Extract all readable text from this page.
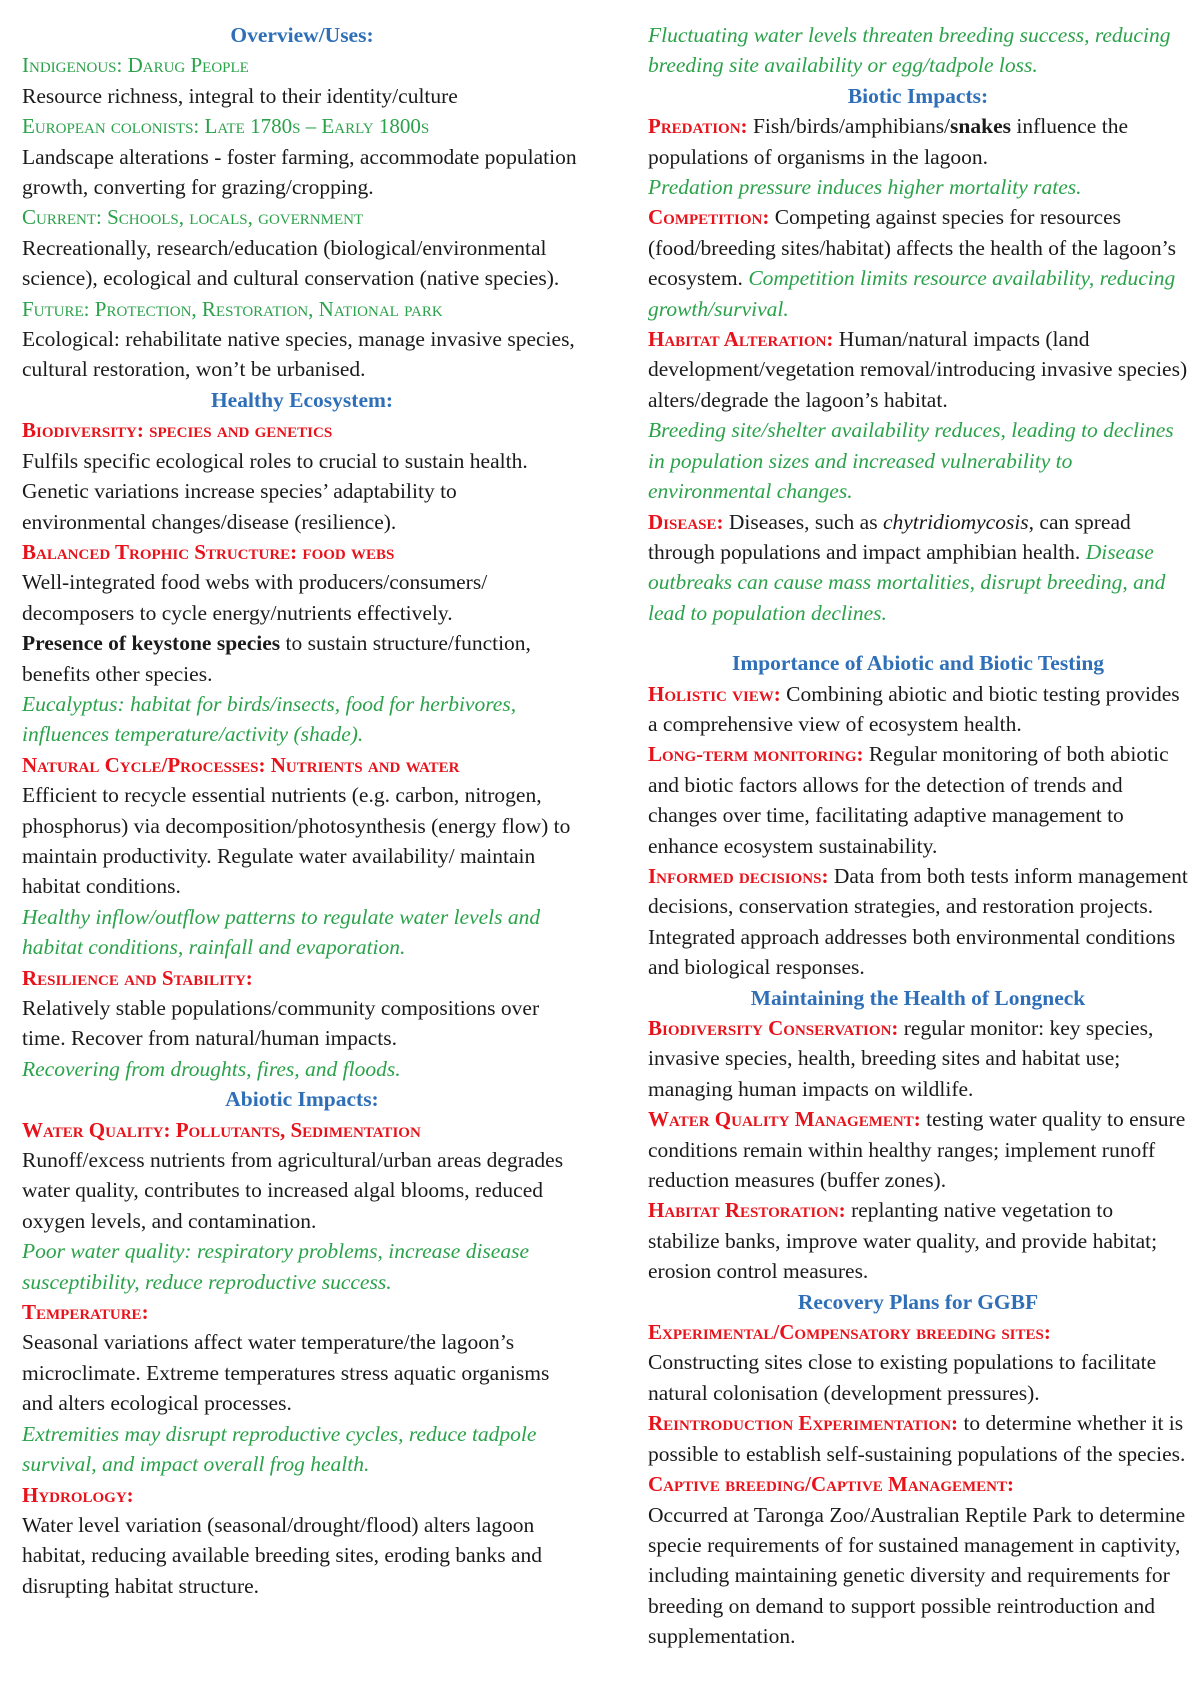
Overview/Uses:
Indigenous: Darug People

Resource richness, integral to their identity/culture

European colonists: Late 1780s – Early 1800s

Landscape alterations - foster farming, accommodate population growth, converting for grazing/cropping.

Current: Schools, locals, government

Recreationally, research/education (biological/environmental science), ecological and cultural conservation (native species).

Future: Protection, Restoration, National park

Ecological: rehabilitate native species, manage invasive species, cultural restoration, won’t be urbanised.

Healthy Ecosystem:
Biodiversity: species and genetics

Fulfils specific ecological roles to crucial to sustain health. Genetic variations increase species’ adaptability to environmental changes/disease (resilience).

Balanced Trophic Structure: food webs

Well-integrated food webs with producers/consumers/ decomposers to cycle energy/nutrients effectively.

Presence of keystone species to sustain structure/function, benefits other species.

Eucalyptus: habitat for birds/insects, food for herbivores, influences temperature/activity (shade).

Natural Cycle/Processes: Nutrients and water

Efficient to recycle essential nutrients (e.g. carbon, nitrogen, phosphorus) via decomposition/photosynthesis (energy flow) to maintain productivity. Regulate water availability/ maintain habitat conditions.

Healthy inflow/outflow patterns to regulate water levels and habitat conditions, rainfall and evaporation.

Resilience and Stability:

Relatively stable populations/community compositions over time. Recover from natural/human impacts.

Recovering from droughts, fires, and floods.

Abiotic Impacts:
Water Quality: Pollutants, Sedimentation

Runoff/excess nutrients from agricultural/urban areas degrades water quality, contributes to increased algal blooms, reduced oxygen levels, and contamination.

Poor water quality: respiratory problems, increase disease susceptibility, reduce reproductive success.

Temperature:

Seasonal variations affect water temperature/the lagoon’s microclimate. Extreme temperatures stress aquatic organisms and alters ecological processes.

Extremities may disrupt reproductive cycles, reduce tadpole survival, and impact overall frog health.

Hydrology:

Water level variation (seasonal/drought/flood) alters lagoon habitat, reducing available breeding sites, eroding banks and disrupting habitat structure.

Fluctuating water levels threaten breeding success, reducing breeding site availability or egg/tadpole loss.

Biotic Impacts:

Predation: Fish/birds/amphibians/snakes influence the populations of organisms in the lagoon.

Predation pressure induces higher mortality rates.

Competition: Competing against species for resources (food/breeding sites/habitat) affects the health of the lagoon’s ecosystem. Competition limits resource availability, reducing growth/survival.

Habitat Alteration: Human/natural impacts (land development/vegetation removal/introducing invasive species) alters/degrade the lagoon’s habitat.

Breeding site/shelter availability reduces, leading to declines in population sizes and increased vulnerability to environmental changes.

Disease: Diseases, such as chytridiomycosis, can spread through populations and impact amphibian health. Disease outbreaks can cause mass mortalities, disrupt breeding, and lead to population declines.

Importance of Abiotic and Biotic Testing

Holistic view: Combining abiotic and biotic testing provides a comprehensive view of ecosystem health.

Long-term monitoring: Regular monitoring of both abiotic and biotic factors allows for the detection of trends and changes over time, facilitating adaptive management to enhance ecosystem sustainability.

Informed decisions: Data from both tests inform management decisions, conservation strategies, and restoration projects. Integrated approach addresses both environmental conditions and biological responses.

Maintaining the Health of Longneck

Biodiversity Conservation: regular monitor: key species, invasive species, health, breeding sites and habitat use; managing human impacts on wildlife.

Water Quality Management: testing water quality to ensure conditions remain within healthy ranges; implement runoff reduction measures (buffer zones).

Habitat Restoration: replanting native vegetation to stabilize banks, improve water quality, and provide habitat; erosion control measures.

Recovery Plans for GGBF
Experimental/Compensatory breeding sites:

Constructing sites close to existing populations to facilitate natural colonisation (development pressures).

Reintroduction Experimentation: to determine whether it is possible to establish self-sustaining populations of the species.

Captive breeding/Captive Management:

Occurred at Taronga Zoo/Australian Reptile Park to determine specie requirements of for sustained management in captivity, including maintaining genetic diversity and requirements for breeding on demand to support possible reintroduction and supplementation.
